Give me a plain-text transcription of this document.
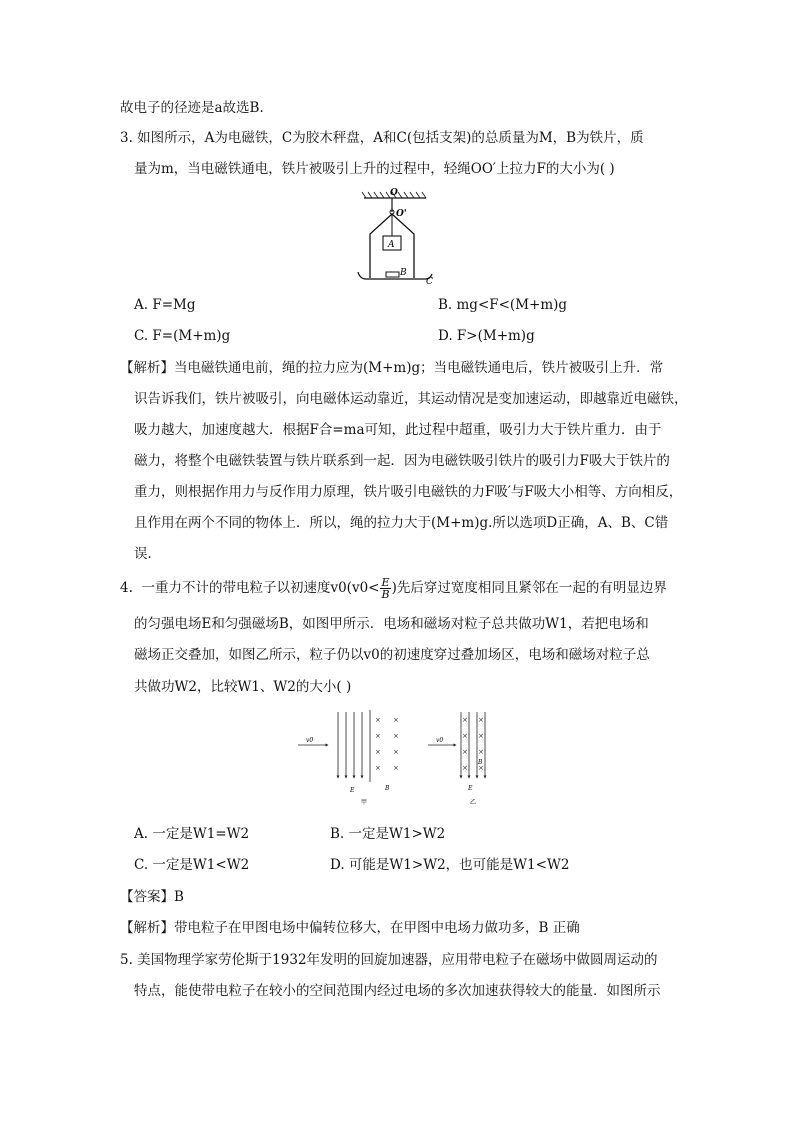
故电子的径迹是a故选B.
3. 如图所示，A为电磁铁，C为胶木秤盘，A和C(包括支架)的总质量为M，B为铁片，质
量为m，当电磁铁通电，铁片被吸引上升的过程中，轻绳OO′上拉力F的大小为( )
O
O'
A
B
C
A. F=Mg	B. mg<F<(M+m)g
C. F=(M+m)g	D. F>(M+m)g
【解析】当电磁铁通电前，绳的拉力应为(M+m)g；当电磁铁通电后，铁片被吸引上升．常
识告诉我们，铁片被吸引，向电磁体运动靠近，其运动情况是变加速运动，即越靠近电磁铁，
吸力越大，加速度越大．根据F合=ma可知，此过程中超重，吸引力大于铁片重力．由于
磁力，将整个电磁铁装置与铁片联系到一起．因为电磁铁吸引铁片的吸引力F吸大于铁片的
重力，则根据作用力与反作用力原理，铁片吸引电磁铁的力F吸′与F吸大小相等、方向相反，
且作用在两个不同的物体上．所以，绳的拉力大于(M+m)g.所以选项D正确，A、B、C错
误．
4.  一重力不计的带电粒子以初速度$v0(v0< \frac{E}{B}$ )先后穿过宽度相同且紧邻在一起的有明显边界
的匀强电场E和匀强磁场B，如图甲所示．电场和磁场对粒子总共做功W1，若把电场和
磁场正交叠加，如图乙所示，粒子仍以v0的初速度穿过叠加场区，电场和磁场对粒子总
共做功W2，比较W1、W2的大小( )
v0
× ×
× ×
× ×
× ×
E	B
甲
v0
× ×
× ×
× ×
× ×
B
E
乙
A. 一定是W1=W2	B. 一定是W1>W2
C. 一定是W1<W2	D. 可能是W1>W2，也可能是W1<W2
【答案】B
【解析】带电粒子在甲图电场中偏转位移大，在甲图中电场力做功多，B 正确
5. 美国物理学家劳伦斯于1932年发明的回旋加速器，应用带电粒子在磁场中做圆周运动的
特点，能使带电粒子在较小的空间范围内经过电场的多次加速获得较大的能量．如图所示
